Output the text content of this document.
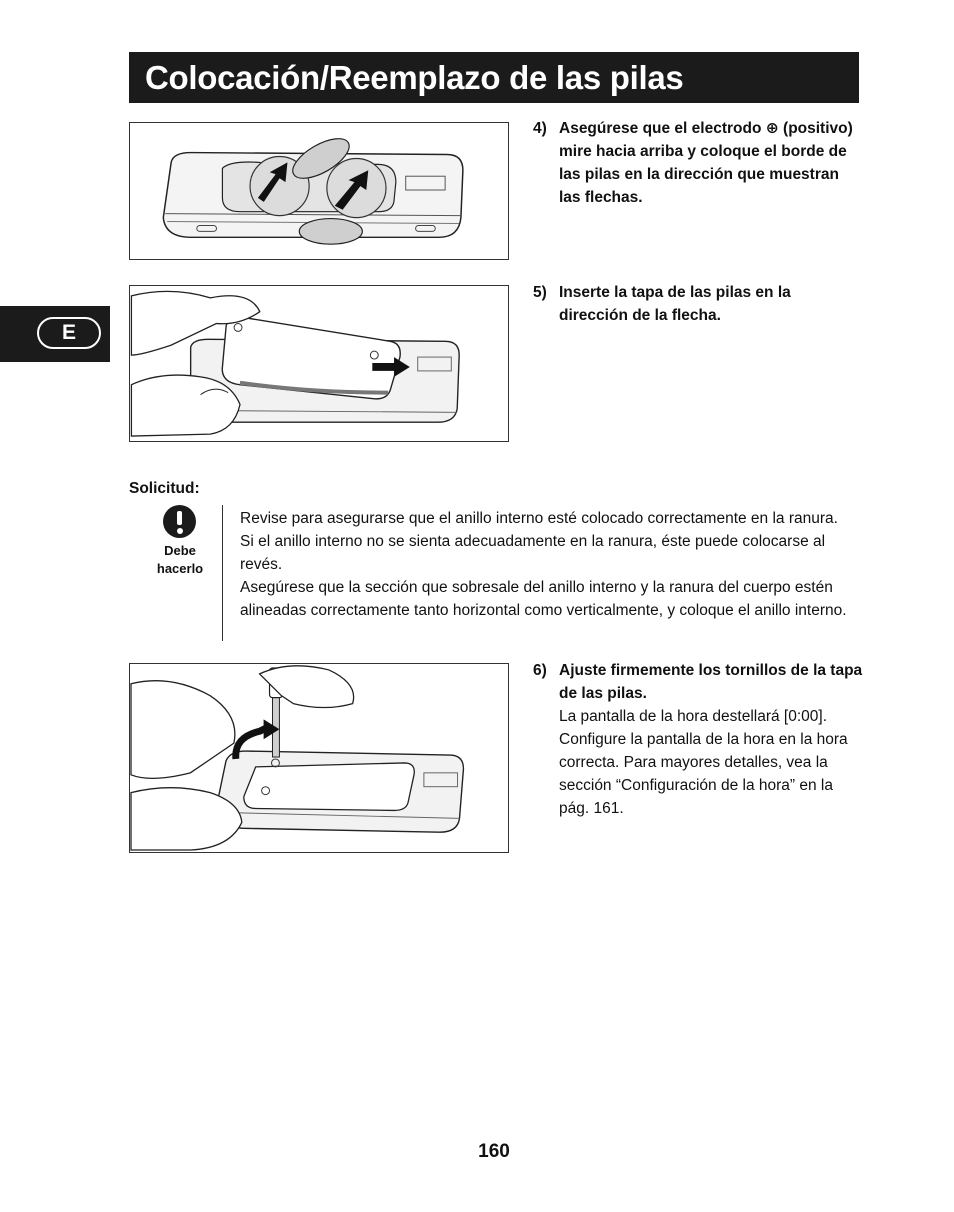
Colocación/Reemplazo de las pilas
E
4) Asegúrese que el electrodo ⊕ (positivo) mire hacia arriba y coloque el borde de las pilas en la dirección que muestran las flechas.
5) Inserte la tapa de las pilas en la dirección de la flecha.
Solicitud:
Debe
hacerlo

Revise para asegurarse que el anillo interno esté colocado correctamente en la ranura. Si el anillo interno no se sienta adecuadamente en la ranura, éste puede colocarse al revés.

Asegúrese que la sección que sobresale del anillo interno y la ranura del cuerpo estén alineadas correctamente tanto horizontal como verticalmente, y coloque el anillo interno.

6) Ajuste firmemente los tornillos de la tapa de las pilas.
La pantalla de la hora destellará [0:00]. Configure la pantalla de la hora en la hora correcta. Para mayores detalles, vea la sección “Configuración de la hora” en la pág. 161.
160
